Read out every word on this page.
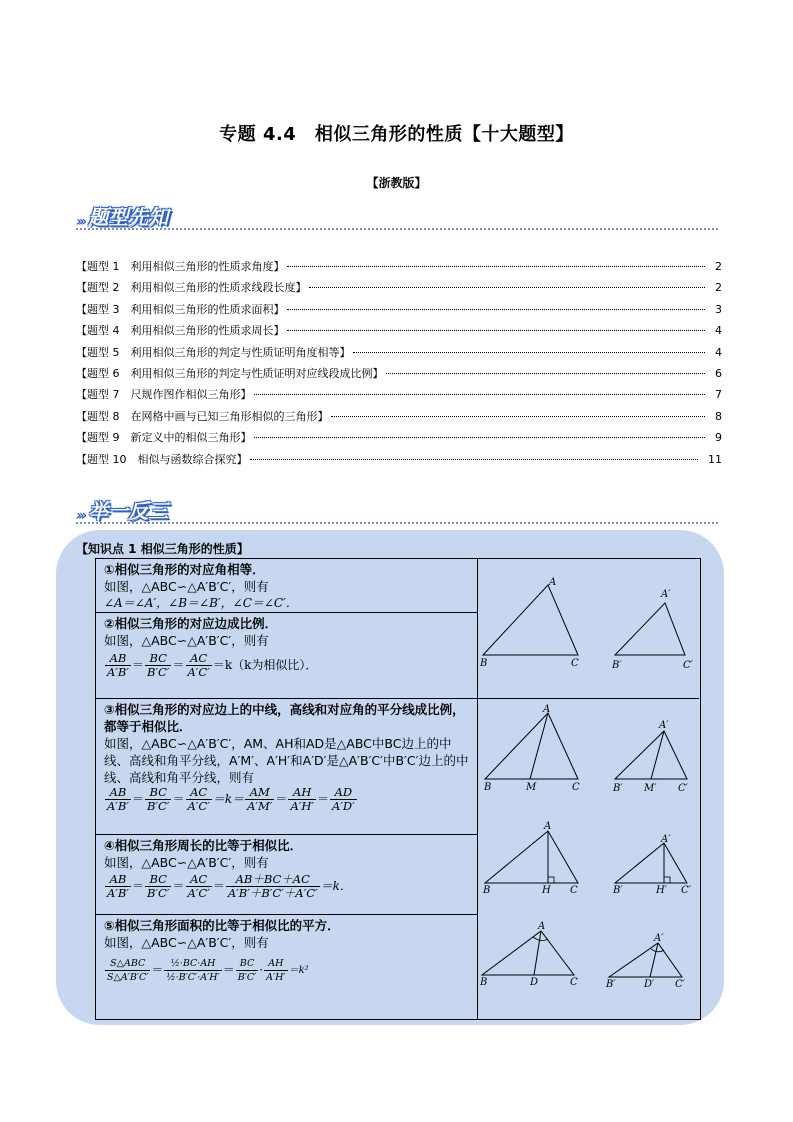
专题 4.4　相似三角形的性质【十大题型】
【浙教版】
››› 题型先知
【题型 1　利用相似三角形的性质求角度】	2
【题型 2　利用相似三角形的性质求线段长度】	2
【题型 3　利用相似三角形的性质求面积】	3
【题型 4　利用相似三角形的性质求周长】	4
【题型 5　利用相似三角形的判定与性质证明角度相等】	4
【题型 6　利用相似三角形的判定与性质证明对应线段成比例】	6
【题型 7　尺规作图作相似三角形】	7
【题型 8　在网格中画与已知三角形相似的三角形】	8
【题型 9　新定义中的相似三角形】	9
【题型 10　相似与函数综合探究】	11
››› 举一反三
【知识点 1 相似三角形的性质】
①相似三角形的对应角相等．
如图，△ABC∽△A′B′C′，则有
∠A＝∠A′，∠B＝∠B′，∠C＝∠C′．
②相似三角形的对应边成比例．
如图，△ABC∽△A′B′C′，则有
$\frac{AB}{A'B'} = \frac{BC}{B'C'} = \frac{AC}{A'C'} =k(k$为相似比）．
③相似三角形的对应边上的中线，高线和对应角的平分线成比例，都等于相似比．
如图，△ABC∽△A′B′C′，AM、AH和AD是△ABC中BC边上的中线、高线和角平分线，A′M′、A′H′和A′D′是△A′B′C′中B′C′边上的中线、高线和角平分线，则有
$\frac{AB}{A'B'} = \frac{BC}{B'C'} = \frac{AC}{A'C'} =k= \frac{AM}{A'M'} = \frac{AH}{A'H'} = \frac{AD}{A'D'}$
④相似三角形周长的比等于相似比．
如图，△ABC∽△A′B′C′，则有
$\frac{AB}{A'B'} = \frac{BC}{B'C'} = \frac{AC}{A'C'} = \frac{AB+BC+AC}{A'B'+B'C'+A'C'} =k$．
⑤相似三角形面积的比等于相似比的平方．
如图，△ABC∽△A′B′C′，则有
$\frac{\text{S△ABC}}{S\triangle A'B'C'} = \frac{\text{½·BC·AH}}{\text{½·B′C′·A′H′}} = \frac{BC}{B'C'} \cdot \frac{AH}{A'H'} =k^2$
A
B	C
A′
B′	C′
A
B	M	C
A′
B′ M′ C′
A
B	H C
A′
B′	H′ C′
A
B	D	C
A′
B′	D′ C′
